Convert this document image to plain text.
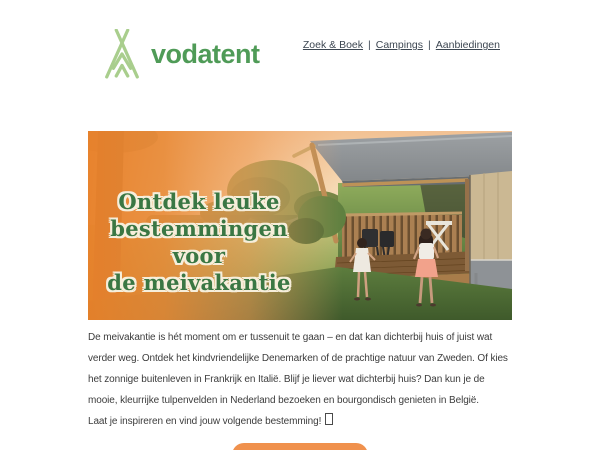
vodatent	Zoek & Boek | Campings | Aanbiedingen
Ontdek leuke
bestemmingen voor
de meivakantie
De meivakantie is hét moment om er tussenuit te gaan – en dat kan dichterbij huis of juist wat
verder weg. Ontdek het kindvriendelijke Denemarken of de prachtige natuur van Zweden. Of kies
het zonnige buitenleven in Frankrijk en Italië. Blijf je liever wat dichterbij huis? Dan kun je de
mooie, kleurrijke tulpenvelden in Nederland bezoeken en bourgondisch genieten in België.
Laat je inspireren en vind jouw volgende bestemming!
